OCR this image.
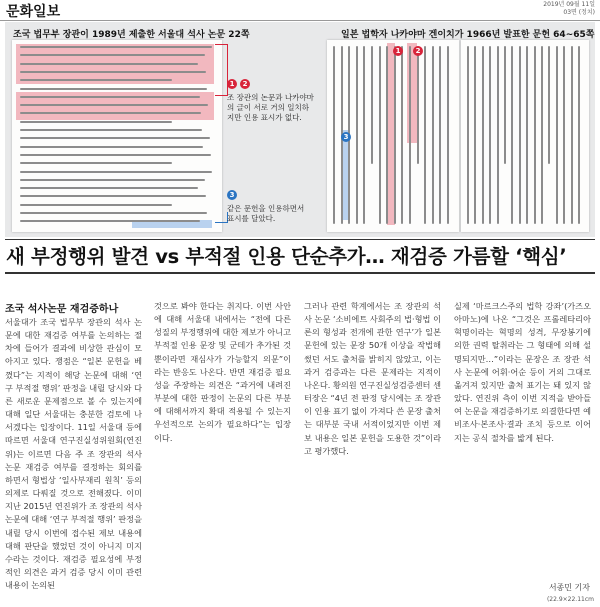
문화일보	2019년 09월 11일
03면 (정치)
조국 법무부 장관이 1989년 제출한 서울대 석사 논문 22쪽	일본 법학자 나카야마 겐이치가 1966년 발표한 문헌 64∼65쪽
1	2
조 장관의 논문과 나카야마의 글이 서로 거의 일치하지만 인용 표시가 없다.
3
같은 문헌을 인용하면서 표시를 달았다.
1	2
3
새 부정행위 발견 vs 부적절 인용 단순추가… 재검증 가름할 ‘핵심’
조국 석사논문 재검증하나
서울대가 조국 법무부 장관의 석사 논문에 대한 재검증 여부를 논의하는 절차에 들어가 결과에 비상한 관심이 모아지고 있다. 쟁점은 “일본 문헌을 베꼈다”는 지적이 해당 논문에 대해 ‘연구 부적절 행위’ 판정을 내릴 당시와 다른 새로운 문제점으로 볼 수 있는지에 대해 일단 서울대는 충분한 검토에 나서겠다는 입장이다. 11일 서울대 등에 따르면 서울대 연구진실성위원회(연진위)는 이르면 다음 주 조 장관의 석사 논문 재검증 여부를 결정하는 회의를 하면서 형법상 ‘일사부재리 원칙’ 등의 의제로 다뤄질 것으로 전해졌다. 이미 지난 2015년 연진위가 조 장관의 석사 논문에 대해 ‘연구 부적절 행위’ 판정을 내릴 당시 이번에 접수된 제보 내용에 대해 판단을 했었던 것이 아니지 미지수라는 것이다. 재검증 필요성에 부정적인 의견은 과거 검증 당시 이미 관련 내용이 논의된
것으로 봐야 한다는 취지다. 이번 사안에 대해 서울대 내에서는 “전에 다른 성질의 부정행위에 대한 제보가 아니고 부적절 인용 문장 및 군데가 추가된 것뿐이라면 재심사가 가능할지 의문”이라는 반응도 나온다. 반면 재검증 필요성을 주장하는 의견은 “과거에 내려진 부분에 대한 판정이 논문의 다른 부분에 대해서까지 확대 적용될 수 있는지 우선적으로 논의가 필요하다”는 입장이다.
그러나 관련 학계에서는 조 장관의 석사 논문 ‘소비에트 사회주의 법·형법 이론의 형성과 전개에 관한 연구’가 일본 문헌에 있는 문장 50개 이상을 작법해 썼던 서도 출처를 밝히지 않았고, 이는 과거 검증과는 다른 문제라는 지적이 나온다. 황의원 연구진실성검증센터 센터장은 “4년 전 판정 당시에는 조 장관이 인용 표기 없이 가져다 쓴 문장 출처는 대부분 국내 서적이었지만 이번 제보 내용은 일본 문헌을 도용한 것”이라고 평가했다.
실제 ‘마르크스주의 법학 강좌’(가즈오 아마노)에 나온 “그것은 프롤레타리아 혁명이라는 혁명의 성격, 무장봉기에 의한 권력 탈취라는 그 형태에 의해 설명되지만…”이라는 문장은 조 장관 석사 논문에 어휘·어순 등이 거의 그대로 옮겨져 있지만 출처 표기는 돼 있지 않았다. 연진위 측이 이번 지적을 받아들여 논문을 재검증하기로 의결한다면 예비조사·본조사·결과 조치 등으로 이어지는 공식 절차를 밟게 된다.
서종민 기자
(22.9×22.11cm
